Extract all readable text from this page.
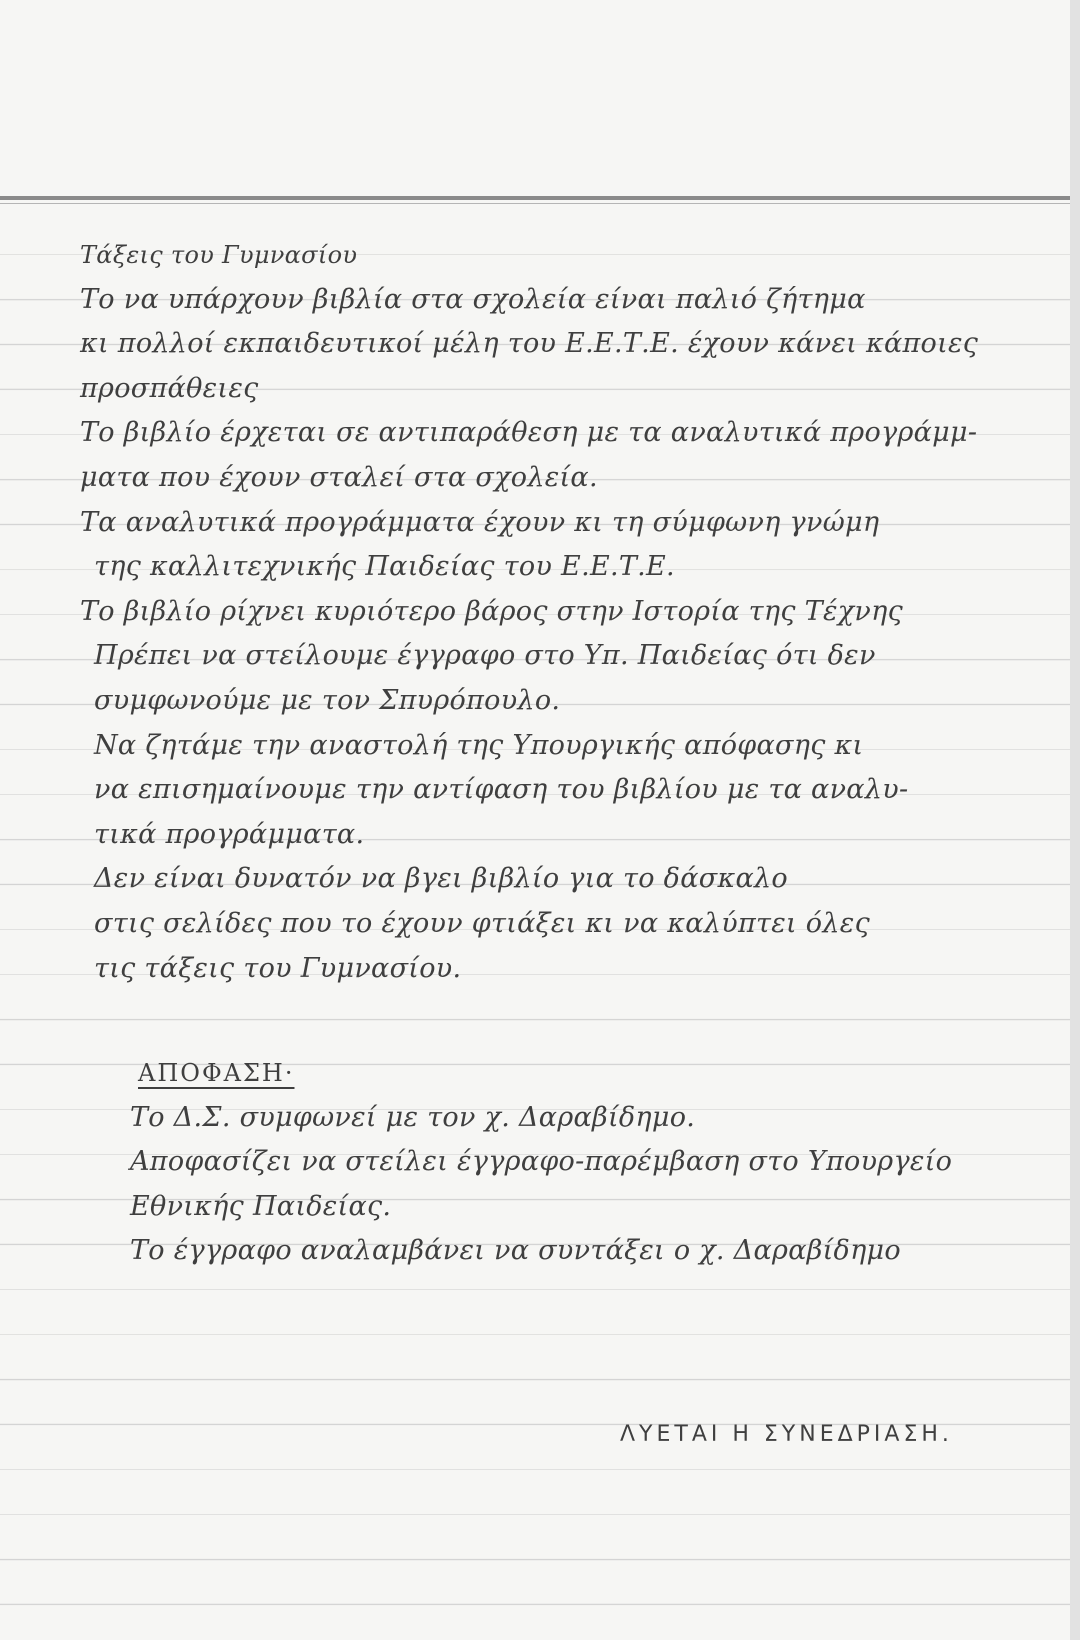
Τάξεις του Γυμνασίου
Το να υπάρχουν βιβλία στα σχολεία είναι παλιό ζήτημα
κι πολλοί εκπαιδευτικοί μέλη του Ε.Ε.Τ.Ε. έχουν κάνει κάποιες
προσπάθειες
Το βιβλίο έρχεται σε αντιπαράθεση με τα αναλυτικά προγράμμ-
ματα που έχουν σταλεί στα σχολεία.
Τα αναλυτικά προγράμματα έχουν κι τη σύμφωνη γνώμη
της καλλιτεχνικής Παιδείας του Ε.Ε.Τ.Ε.
Το βιβλίο ρίχνει κυριότερο βάρος στην Ιστορία της Τέχνης
Πρέπει να στείλουμε έγγραφο στο Υπ. Παιδείας ότι δεν
συμφωνούμε με τον Σπυρόπουλο.
Να ζητάμε την αναστολή της Υπουργικής απόφασης κι
να επισημαίνουμε την αντίφαση του βιβλίου με τα αναλυ-
τικά προγράμματα.
Δεν είναι δυνατόν να βγει βιβλίο για το δάσκαλο
στις σελίδες που το έχουν φτιάξει κι να καλύπτει όλες
τις τάξεις του Γυμνασίου.
ΑΠΟΦΑΣΗ·
Το Δ.Σ. συμφωνεί με τον χ. Δαραβίδημο.
Αποφασίζει να στείλει έγγραφο-παρέμβαση στο Υπουργείο
Εθνικής Παιδείας.
Το έγγραφο αναλαμβάνει να συντάξει ο χ. Δαραβίδημο
ΛΥΕΤΑΙ Η ΣΥΝΕΔΡΙΑΣΗ.
